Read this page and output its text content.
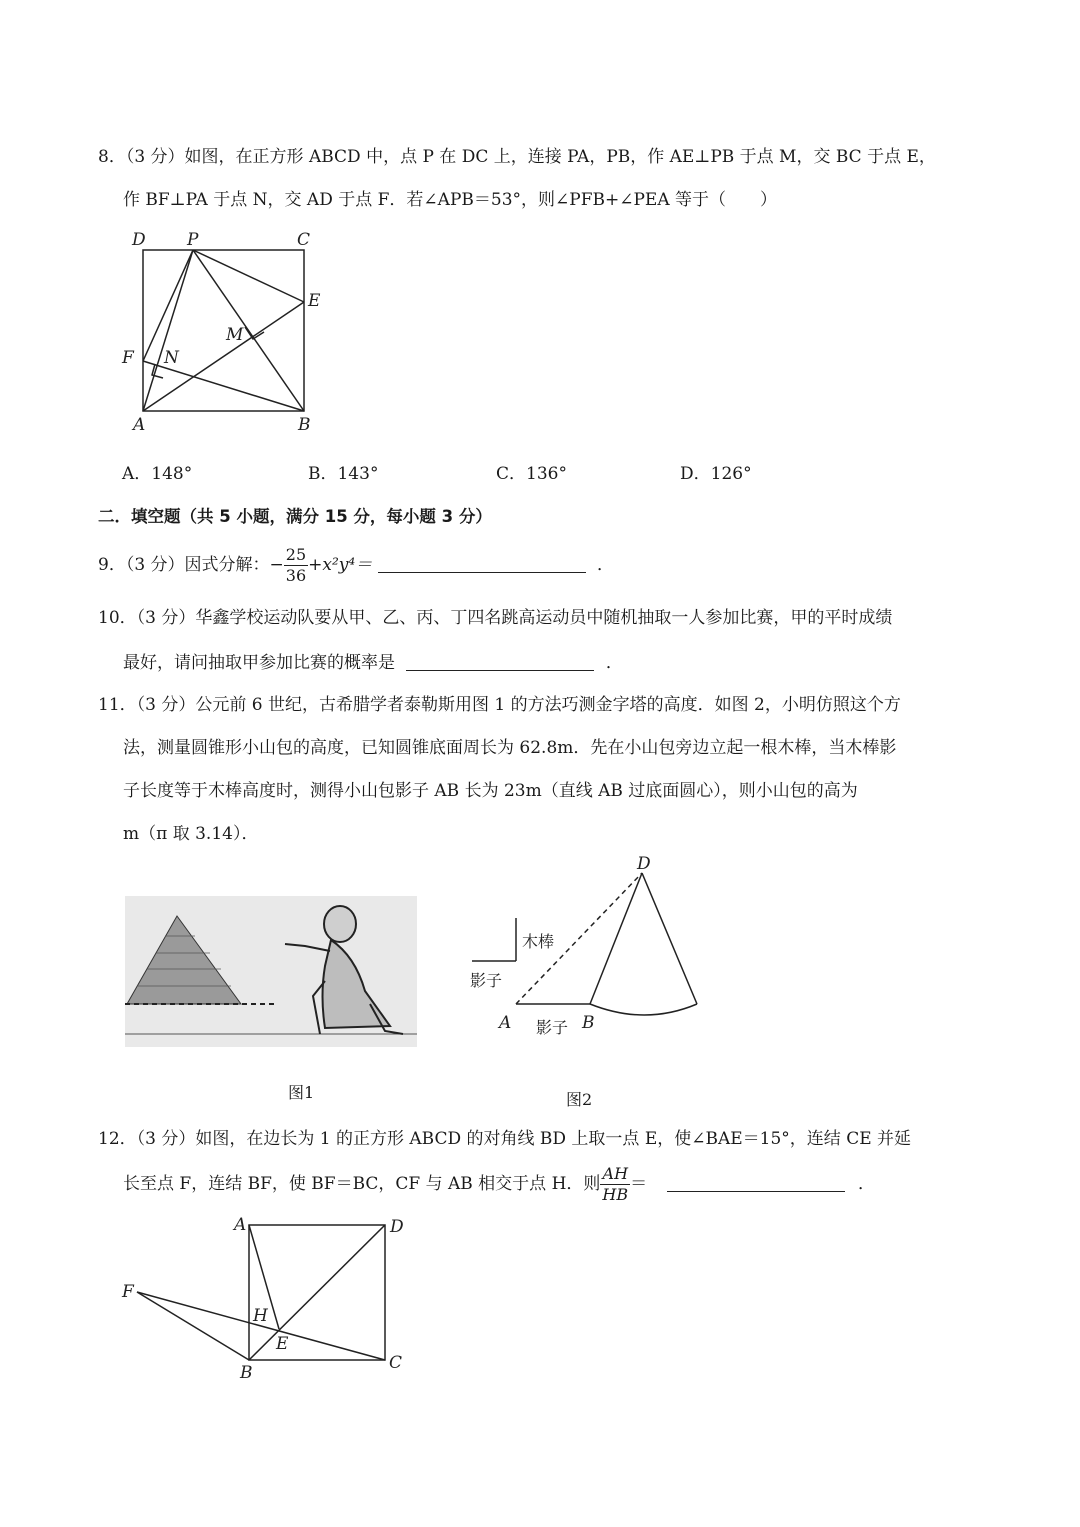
8．（3 分）如图，在正方形 ABCD 中，点 P 在 DC 上，连接 PA，PB，作 AE⊥PB 于点 M，交 BC 于点 E，
作 BF⊥PA 于点 N，交 AD 于点 F．若∠APB＝53°，则∠PFB+∠PEA 等于（　　）
D P	C
E
M
F N
A	B
A．148°	B．143°	C．136°	D．126°
二．填空题（共 5 小题，满分 15 分，每小题 3 分）
9．（3 分）因式分解：− $\frac{25}{36} +x^2y^4=$	．
10．（3 分）华鑫学校运动队要从甲、乙、丙、丁四名跳高运动员中随机抽取一人参加比赛，甲的平时成绩
最好，请问抽取甲参加比赛的概率是	．
11．（3 分）公元前 6 世纪，古希腊学者泰勒斯用图 1 的方法巧测金字塔的高度．如图 2，小明仿照这个方
法，测量圆锥形小山包的高度，已知圆锥底面周长为 62.8m．先在小山包旁边立起一根木棒，当木棒影
子长度等于木棒高度时，测得小山包影子 AB 长为 23m（直线 AB 过底面圆心），则小山包的高为
m（π 取 3.14）．
图1
D
木棒
影子
A 影子 B
图2
12．（3 分）如图，在边长为 1 的正方形 ABCD 的对角线 BD 上取一点 E，使∠BAE＝15°，连结 CE 并延
长至点 F，连结 BF，使 BF＝BC，CF 与 AB 相交于点 H．则 $\frac{AH}{HB}$ ＝	．
A	D
F
H
E
B	C
